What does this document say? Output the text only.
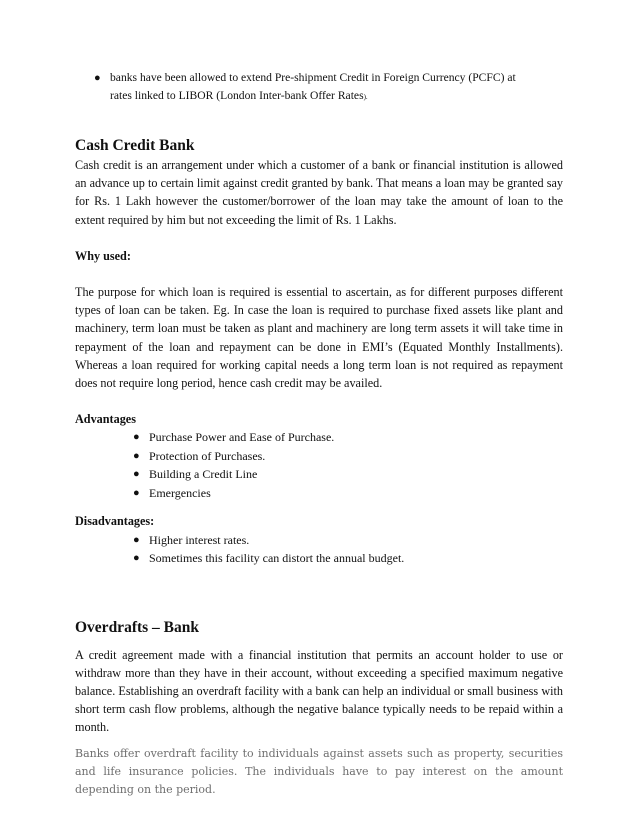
● banks have been allowed to extend Pre-shipment Credit in Foreign Currency (PCFC) at
rates linked to LIBOR (London Inter-bank Offer Rates).
Cash Credit Bank

Cash credit is an arrangement under which a customer of a bank or financial institution is allowed an advance up to certain limit against credit granted by bank. That means a loan may be granted say for Rs. 1 Lakh however the customer/borrower of the loan may take the amount of loan to the extent required by him but not exceeding the limit of Rs. 1 Lakhs.

Why used:

The purpose for which loan is required is essential to ascertain, as for different purposes different types of loan can be taken. Eg. In case the loan is required to purchase fixed assets like plant and machinery, term loan must be taken as plant and machinery are long term assets it will take time in repayment of the loan and repayment can be done in EMI’s (Equated Monthly Installments). Whereas a loan required for working capital needs a long term loan is not required as repayment does not require long period, hence cash credit may be availed.

Advantages

● Purchase Power and Ease of Purchase.
● Protection of Purchases.
● Building a Credit Line
● Emergencies

Disadvantages:

● Higher interest rates.
● Sometimes this facility can distort the annual budget.
Overdrafts – Bank

A credit agreement made with a financial institution that permits an account holder to use or withdraw more than they have in their account, without exceeding a specified maximum negative balance. Establishing an overdraft facility with a bank can help an individual or small business with short term cash flow problems, although the negative balance typically needs to be repaid within a month.

Banks offer overdraft facility to individuals against assets such as property, securities and life insurance policies. The individuals have to pay interest on the amount depending on the period.
